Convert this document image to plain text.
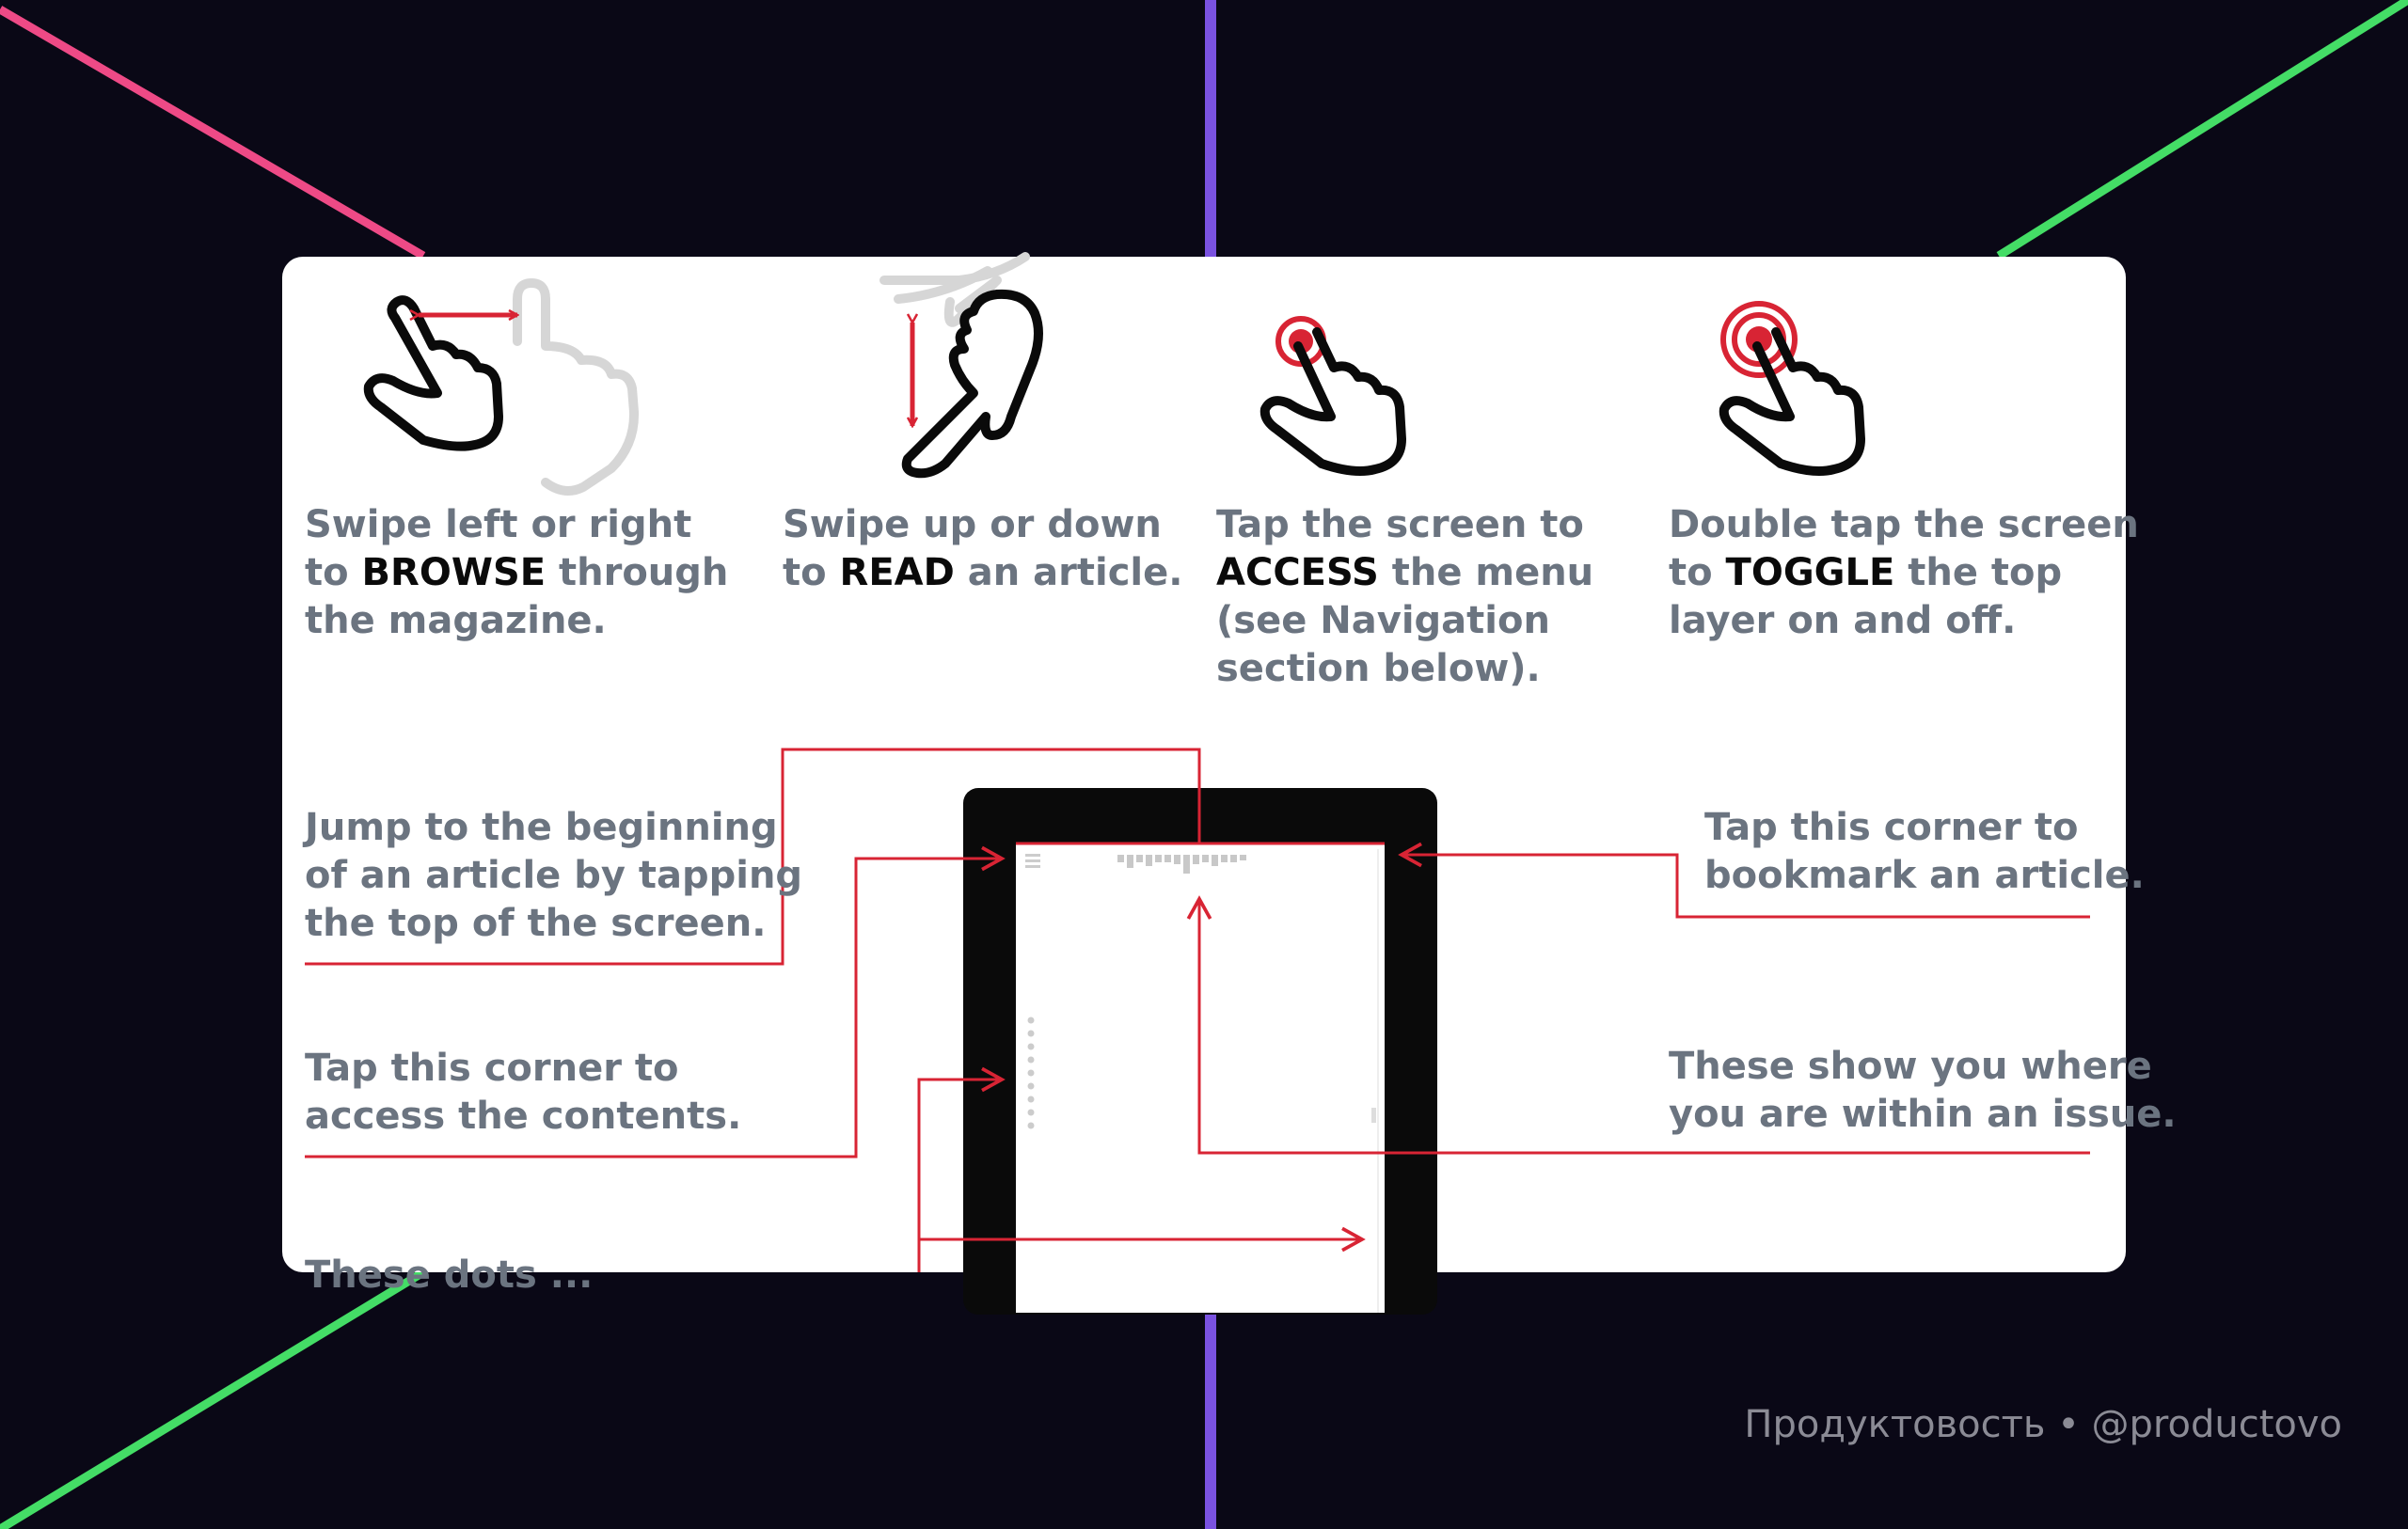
Swipe left or right
to BROWSE through
the magazine.

Swipe up or down
to READ an article.

Tap the screen to
ACCESS the menu
(see Navigation
section below).

Double tap the screen
to TOGGLE the top
layer on and off.

Jump to the beginning
of an article by tapping
the top of the screen.

Tap this corner to
access the contents.

Tap this corner to
bookmark an article.

These show you where
you are within an issue.

These dots ...

Продуктовость • @productovo
